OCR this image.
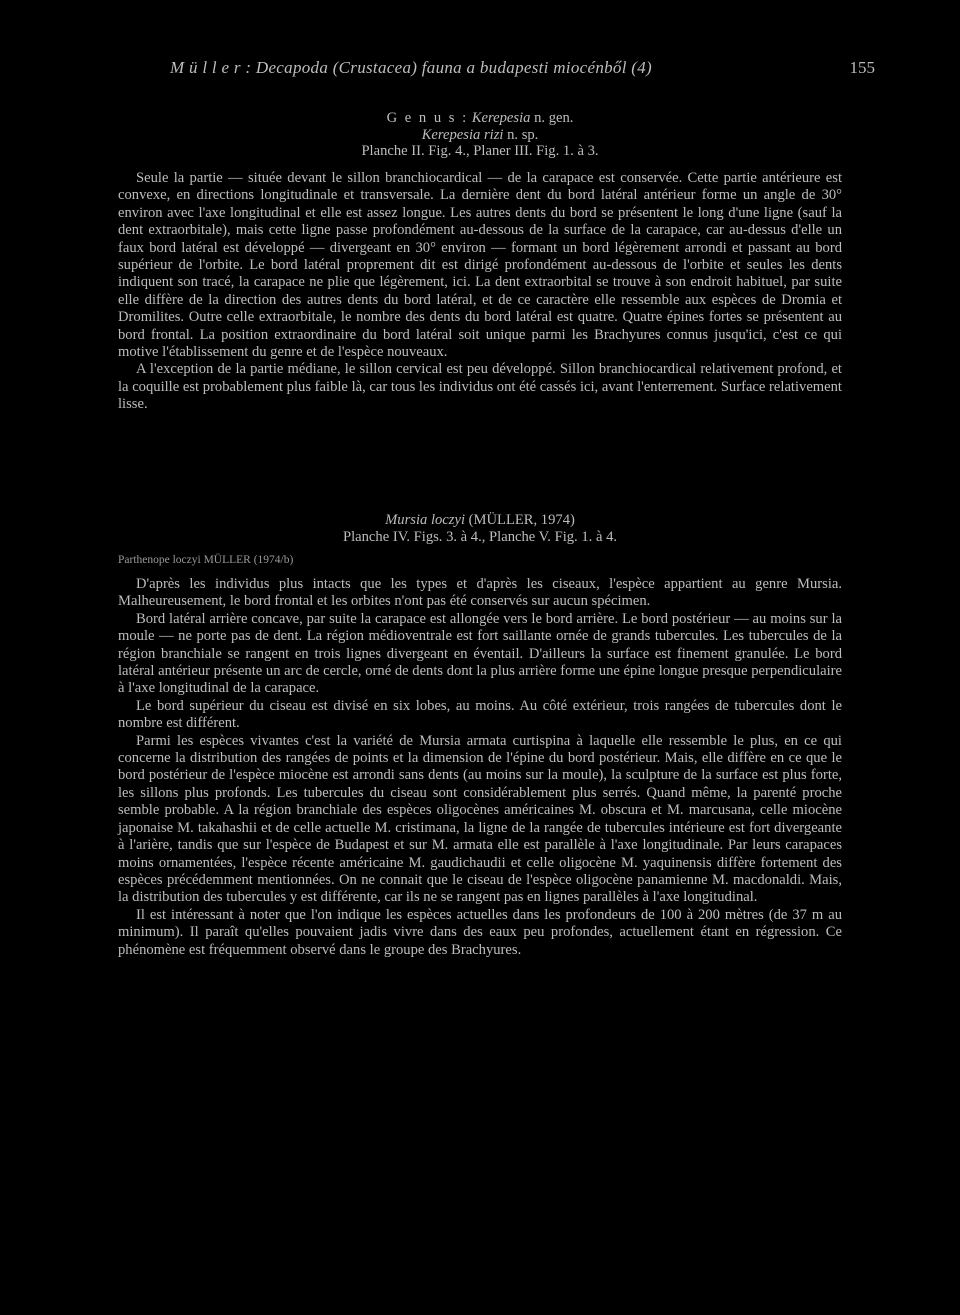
M ü l l e r : Decapoda (Crustacea) fauna a budapesti miocénből (4)	155
G e n u s : Kerepesia n. gen.
Kerepesia rizi n. sp.
Planche II. Fig. 4., Planer III. Fig. 1. à 3.

Seule la partie — située devant le sillon branchiocardical — de la carapace est conservée. Cette partie antérieure est convexe, en directions longitudinale et transversale. La dernière dent du bord latéral antérieur forme un angle de 30° environ avec l'axe longitudinal et elle est assez longue. Les autres dents du bord se présentent le long d'une ligne (sauf la dent extraorbitale), mais cette ligne passe profondément au-dessous de la surface de la carapace, car au-dessus d'elle un faux bord latéral est développé — divergeant en 30° environ — formant un bord légèrement arrondi et passant au bord supérieur de l'orbite. Le bord latéral proprement dit est dirigé profondément au-dessous de l'orbite et seules les dents indiquent son tracé, la carapace ne plie que légèrement, ici. La dent extraorbital se trouve à son endroit habituel, par suite elle diffère de la direction des autres dents du bord latéral, et de ce caractère elle ressemble aux espèces de Dromia et Dromilites. Outre celle extraorbitale, le nombre des dents du bord latéral est quatre. Quatre épines fortes se présentent au bord frontal. La position extraordinaire du bord latéral soit unique parmi les Brachyures connus jusqu'ici, c'est ce qui motive l'établissement du genre et de l'espèce nouveaux.

A l'exception de la partie médiane, le sillon cervical est peu développé. Sillon branchiocardical relativement profond, et la coquille est probablement plus faible là, car tous les individus ont été cassés ici, avant l'enterrement. Surface relativement lisse.

Mursia loczyi (MÜLLER, 1974)
Planche IV. Figs. 3. à 4., Planche V. Fig. 1. à 4.
Parthenope loczyi MÜLLER (1974/b)

D'après les individus plus intacts que les types et d'après les ciseaux, l'espèce appartient au genre Mursia. Malheureusement, le bord frontal et les orbites n'ont pas été conservés sur aucun spécimen.

Bord latéral arrière concave, par suite la carapace est allongée vers le bord arrière. Le bord postérieur — au moins sur la moule — ne porte pas de dent. La région médioventrale est fort saillante ornée de grands tubercules. Les tubercules de la région branchiale se rangent en trois lignes divergeant en éventail. D'ailleurs la surface est finement granulée. Le bord latéral antérieur présente un arc de cercle, orné de dents dont la plus arrière forme une épine longue presque perpendiculaire à l'axe longitudinal de la carapace.

Le bord supérieur du ciseau est divisé en six lobes, au moins. Au côté extérieur, trois rangées de tubercules dont le nombre est différent.

Parmi les espèces vivantes c'est la variété de Mursia armata curtispina à laquelle elle ressemble le plus, en ce qui concerne la distribution des rangées de points et la dimension de l'épine du bord postérieur. Mais, elle diffère en ce que le bord postérieur de l'espèce miocène est arrondi sans dents (au moins sur la moule), la sculpture de la surface est plus forte, les sillons plus profonds. Les tubercules du ciseau sont considérablement plus serrés. Quand même, la parenté proche semble probable. A la région branchiale des espèces oligocènes américaines M. obscura et M. marcusana, celle miocène japonaise M. takahashii et de celle actuelle M. cristimana, la ligne de la rangée de tubercules intérieure est fort divergeante à l'arière, tandis que sur l'espèce de Budapest et sur M. armata elle est parallèle à l'axe longitudinale. Par leurs carapaces moins ornamentées, l'espèce récente américaine M. gaudichaudii et celle oligocène M. yaquinensis diffère fortement des espèces précédemment mentionnées. On ne connait que le ciseau de l'espèce oligocène panamienne M. macdonaldi. Mais, la distribution des tubercules y est différente, car ils ne se rangent pas en lignes parallèles à l'axe longitudinal.

Il est intéressant à noter que l'on indique les espèces actuelles dans les profondeurs de 100 à 200 mètres (de 37 m au minimum). Il paraît qu'elles pouvaient jadis vivre dans des eaux peu profondes, actuellement étant en régression. Ce phénomène est fréquemment observé dans le groupe des Brachyures.
